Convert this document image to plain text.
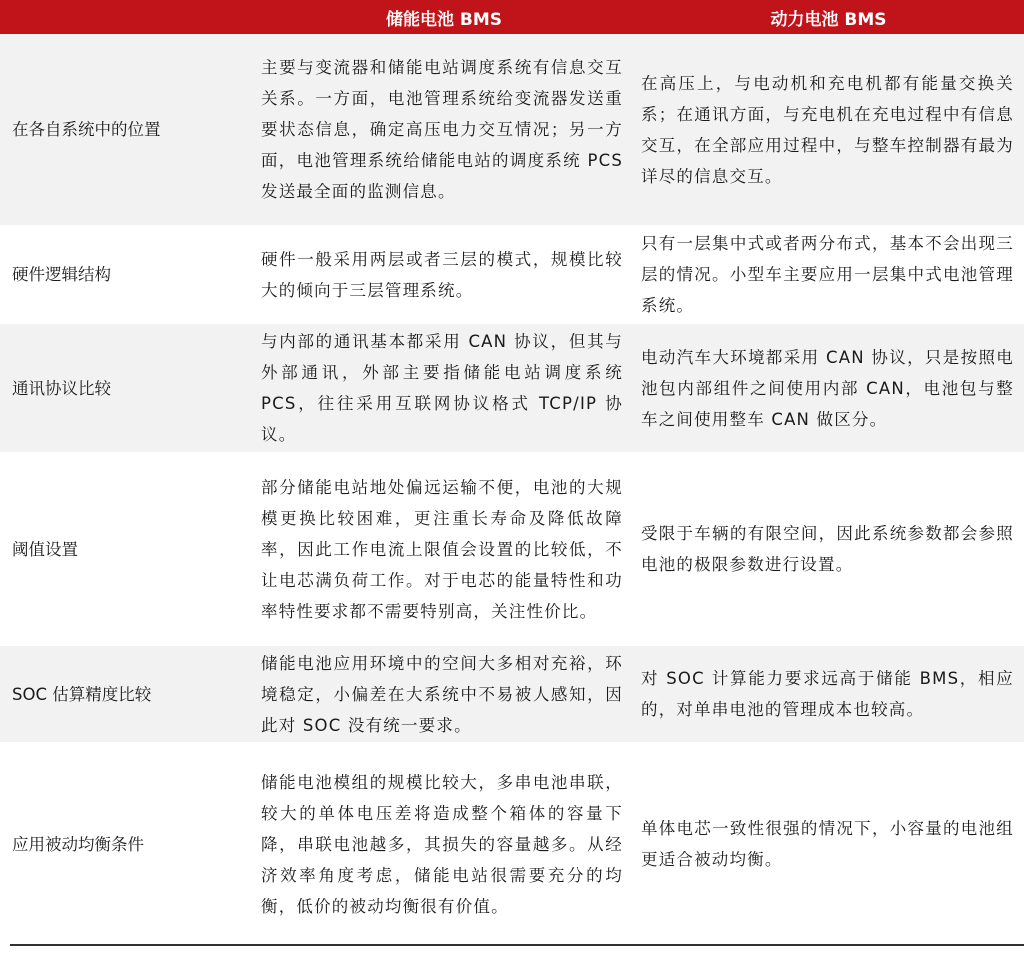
储能电池 BMS	动力电池 BMS
在各自系统中的位置
主要与变流器和储能电站调度系统有信息交互关系。一方面，电池管理系统给变流器发送重要状态信息，确定高压电力交互情况；另一方面，电池管理系统给储能电站的调度系统 PCS 发送最全面的监测信息。
在高压上，与电动机和充电机都有能量交换关系；在通讯方面，与充电机在充电过程中有信息交互，在全部应用过程中，与整车控制器有最为详尽的信息交互。
硬件逻辑结构
硬件一般采用两层或者三层的模式，规模比较大的倾向于三层管理系统。
只有一层集中式或者两分布式，基本不会出现三层的情况。小型车主要应用一层集中式电池管理系统。
通讯协议比较
与内部的通讯基本都采用 CAN 协议，但其与外部通讯，外部主要指储能电站调度系统 PCS，往往采用互联网协议格式 TCP/IP 协议。
电动汽车大环境都采用 CAN 协议，只是按照电池包内部组件之间使用内部 CAN，电池包与整车之间使用整车 CAN 做区分。
阈值设置
部分储能电站地处偏远运输不便，电池的大规模更换比较困难，更注重长寿命及降低故障率，因此工作电流上限值会设置的比较低，不让电芯满负荷工作。对于电芯的能量特性和功率特性要求都不需要特别高，关注性价比。
受限于车辆的有限空间，因此系统参数都会参照电池的极限参数进行设置。
SOC 估算精度比较
储能电池应用环境中的空间大多相对充裕，环境稳定，小偏差在大系统中不易被人感知，因此对 SOC 没有统一要求。
对 SOC 计算能力要求远高于储能 BMS，相应的，对单串电池的管理成本也较高。
应用被动均衡条件
储能电池模组的规模比较大，多串电池串联，较大的单体电压差将造成整个箱体的容量下降，串联电池越多，其损失的容量越多。从经济效率角度考虑，储能电站很需要充分的均衡，低价的被动均衡很有价值。
单体电芯一致性很强的情况下，小容量的电池组更适合被动均衡。
